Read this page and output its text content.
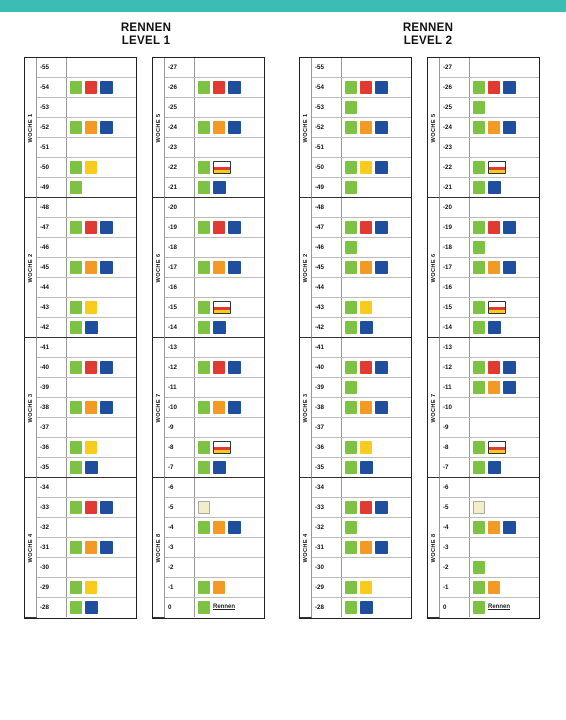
RENNEN
LEVEL 1
RENNEN
LEVEL 2
WOCHE 1
-55
-54
-53
-52
-51
-50
-49
WOCHE 2
-48
-47
-46
-45
-44
-43
-42
WOCHE 3
-41
-40
-39
-38
-37
-36
-35
WOCHE 4
-34
-33
-32
-31
-30
-29
-28
WOCHE 5
-27
-26
-25
-24
-23
-22
-21
WOCHE 6
-20
-19
-18
-17
-16
-15
-14
WOCHE 7
-13
-12
-11
-10
-9
-8
-7
WOCHE 8
-6
-5
-4
-3
-2
-1
0	Rennen
WOCHE 1
-55
-54
-53
-52
-51
-50
-49
WOCHE 2
-48
-47
-46
-45
-44
-43
-42
WOCHE 3
-41
-40
-39
-38
-37
-36
-35
WOCHE 4
-34
-33
-32
-31
-30
-29
-28
WOCHE 5
-27
-26
-25
-24
-23
-22
-21
WOCHE 6
-20
-19
-18
-17
-16
-15
-14
WOCHE 7
-13
-12
-11
-10
-9
-8
-7
WOCHE 8
-6
-5
-4
-3
-2
-1
0	Rennen
